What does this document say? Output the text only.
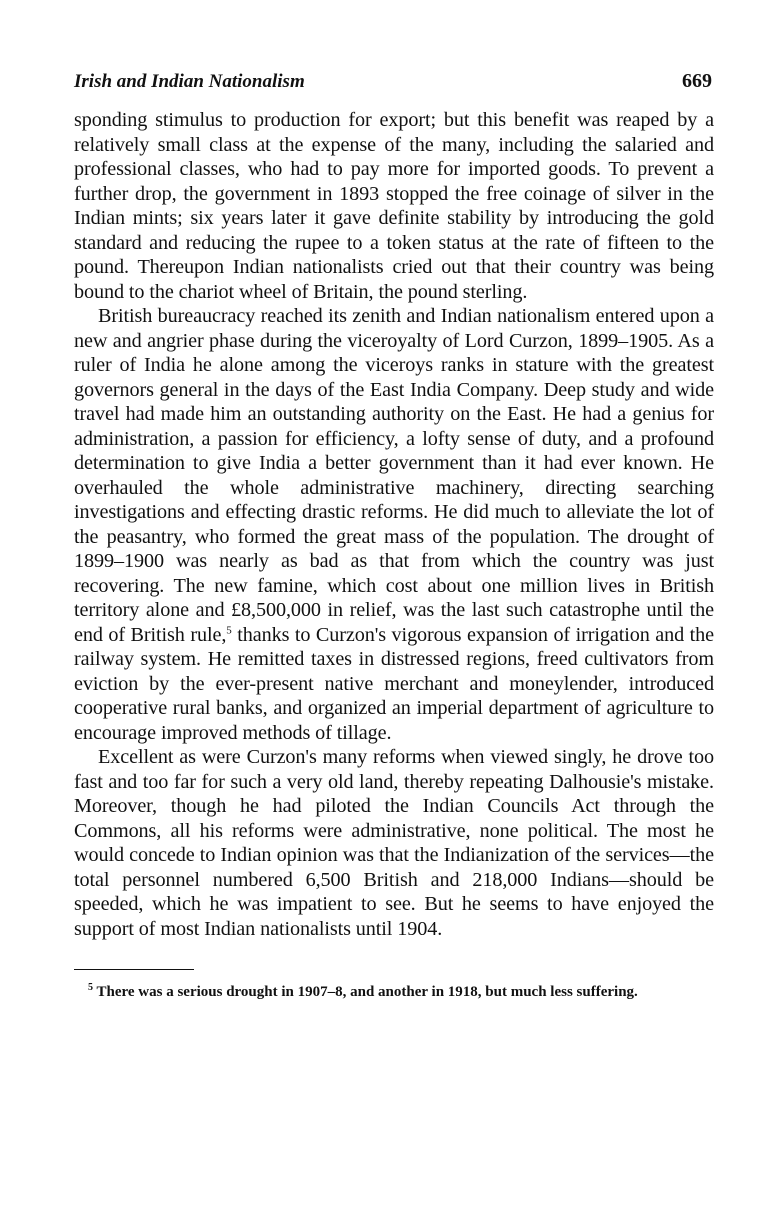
Irish and Indian Nationalism	669

sponding stimulus to production for export; but this benefit was reaped by a relatively small class at the expense of the many, including the salaried and professional classes, who had to pay more for imported goods. To prevent a further drop, the government in 1893 stopped the free coinage of silver in the Indian mints; six years later it gave definite stability by introducing the gold standard and reducing the rupee to a token status at the rate of fifteen to the pound. Thereupon Indian nationalists cried out that their country was being bound to the chariot wheel of Britain, the pound sterling.

British bureaucracy reached its zenith and Indian nationalism entered upon a new and angrier phase during the viceroyalty of Lord Curzon, 1899–1905. As a ruler of India he alone among the viceroys ranks in stature with the greatest governors general in the days of the East India Company. Deep study and wide travel had made him an outstanding authority on the East. He had a genius for administration, a passion for efficiency, a lofty sense of duty, and a profound determination to give India a better government than it had ever known. He overhauled the whole administrative machinery, directing searching investigations and effecting drastic reforms. He did much to alleviate the lot of the peasantry, who formed the great mass of the population. The drought of 1899–1900 was nearly as bad as that from which the country was just recovering. The new famine, which cost about one million lives in British territory alone and £8,500,000 in relief, was the last such catastrophe until the end of British rule,$^5$ thanks to Curzon's vigorous expansion of irrigation and the railway system. He remitted taxes in distressed regions, freed cultivators from eviction by the ever-present native merchant and moneylender, introduced cooperative rural banks, and organized an imperial department of agriculture to encourage improved methods of tillage.

Excellent as were Curzon's many reforms when viewed singly, he drove too fast and too far for such a very old land, thereby repeating Dalhousie's mistake. Moreover, though he had piloted the Indian Councils Act through the Commons, all his reforms were administrative, none political. The most he would concede to Indian opinion was that the Indianization of the services—the total personnel numbered 6,500 British and 218,000 Indians—should be speeded, which he was impatient to see. But he seems to have enjoyed the support of most Indian nationalists until 1904.

$^5$ There was a serious drought in 1907–8, and another in 1918, but much less suffering.
